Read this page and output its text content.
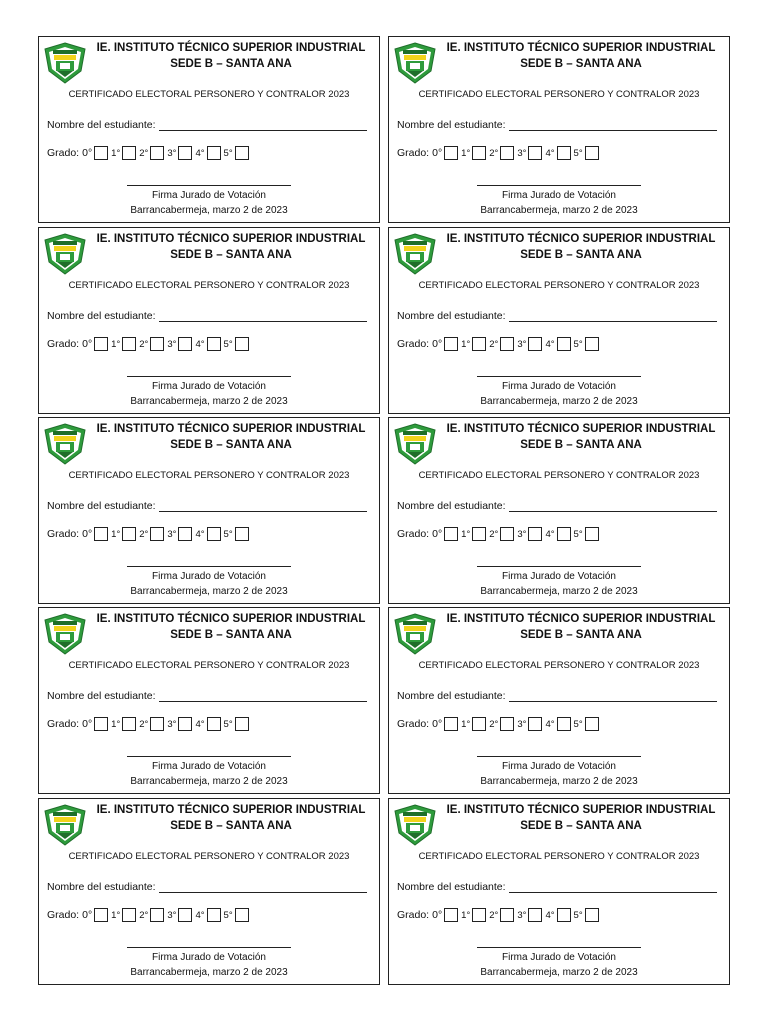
IE. INSTITUTO TÉCNICO SUPERIOR INDUSTRIAL
SEDE B – SANTA ANA
CERTIFICADO ELECTORAL PERSONERO Y CONTRALOR 2023
Nombre del estudiante:
Grado: 0° 1° 2° 3° 4° 5°
Firma Jurado de Votación
Barrancabermeja, marzo 2 de 2023
IE. INSTITUTO TÉCNICO SUPERIOR INDUSTRIAL
SEDE B – SANTA ANA
CERTIFICADO ELECTORAL PERSONERO Y CONTRALOR 2023
Nombre del estudiante:
Grado: 0° 1° 2° 3° 4° 5°
Firma Jurado de Votación
Barrancabermeja, marzo 2 de 2023
IE. INSTITUTO TÉCNICO SUPERIOR INDUSTRIAL
SEDE B – SANTA ANA
CERTIFICADO ELECTORAL PERSONERO Y CONTRALOR 2023
Nombre del estudiante:
Grado: 0° 1° 2° 3° 4° 5°
Firma Jurado de Votación
Barrancabermeja, marzo 2 de 2023
IE. INSTITUTO TÉCNICO SUPERIOR INDUSTRIAL
SEDE B – SANTA ANA
CERTIFICADO ELECTORAL PERSONERO Y CONTRALOR 2023
Nombre del estudiante:
Grado: 0° 1° 2° 3° 4° 5°
Firma Jurado de Votación
Barrancabermeja, marzo 2 de 2023
IE. INSTITUTO TÉCNICO SUPERIOR INDUSTRIAL
SEDE B – SANTA ANA
CERTIFICADO ELECTORAL PERSONERO Y CONTRALOR 2023
Nombre del estudiante:
Grado: 0° 1° 2° 3° 4° 5°
Firma Jurado de Votación
Barrancabermeja, marzo 2 de 2023
IE. INSTITUTO TÉCNICO SUPERIOR INDUSTRIAL
SEDE B – SANTA ANA
CERTIFICADO ELECTORAL PERSONERO Y CONTRALOR 2023
Nombre del estudiante:
Grado: 0° 1° 2° 3° 4° 5°
Firma Jurado de Votación
Barrancabermeja, marzo 2 de 2023
IE. INSTITUTO TÉCNICO SUPERIOR INDUSTRIAL
SEDE B – SANTA ANA
CERTIFICADO ELECTORAL PERSONERO Y CONTRALOR 2023
Nombre del estudiante:
Grado: 0° 1° 2° 3° 4° 5°
Firma Jurado de Votación
Barrancabermeja, marzo 2 de 2023
IE. INSTITUTO TÉCNICO SUPERIOR INDUSTRIAL
SEDE B – SANTA ANA
CERTIFICADO ELECTORAL PERSONERO Y CONTRALOR 2023
Nombre del estudiante:
Grado: 0° 1° 2° 3° 4° 5°
Firma Jurado de Votación
Barrancabermeja, marzo 2 de 2023
IE. INSTITUTO TÉCNICO SUPERIOR INDUSTRIAL
SEDE B – SANTA ANA
CERTIFICADO ELECTORAL PERSONERO Y CONTRALOR 2023
Nombre del estudiante:
Grado: 0° 1° 2° 3° 4° 5°
Firma Jurado de Votación
Barrancabermeja, marzo 2 de 2023
IE. INSTITUTO TÉCNICO SUPERIOR INDUSTRIAL
SEDE B – SANTA ANA
CERTIFICADO ELECTORAL PERSONERO Y CONTRALOR 2023
Nombre del estudiante:
Grado: 0° 1° 2° 3° 4° 5°
Firma Jurado de Votación
Barrancabermeja, marzo 2 de 2023
